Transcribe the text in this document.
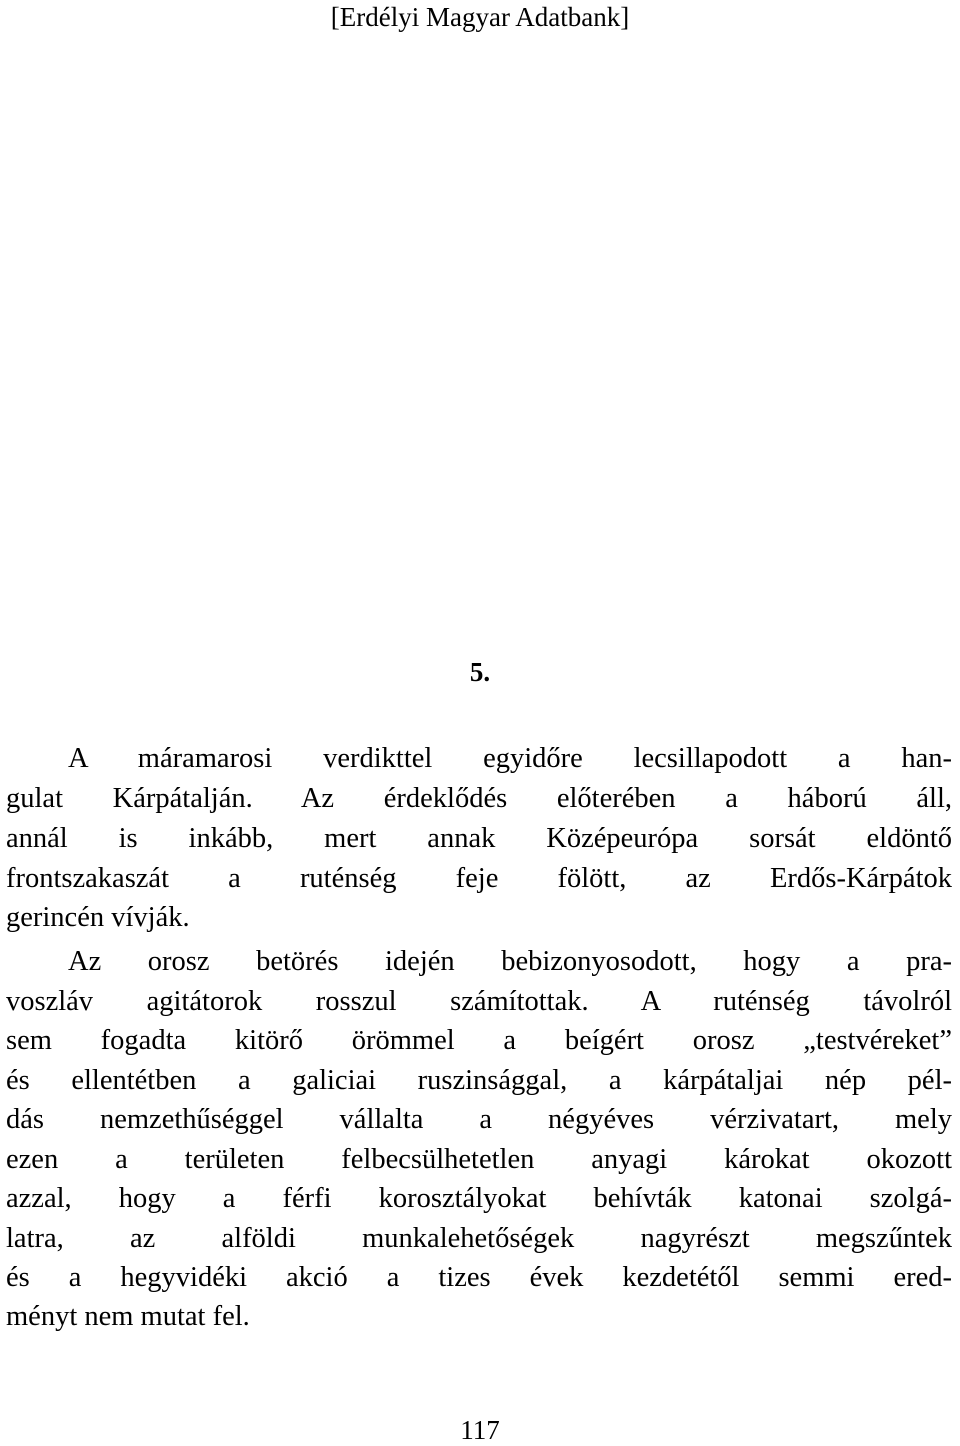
[Erdélyi Magyar Adatbank]
5.
A máramarosi verdikttel egyidőre lecsillapodott a han-
gulat Kárpátalján. Az érdeklődés előterében a háború áll,
annál is inkább, mert annak Középeurópa sorsát eldöntő
frontszakaszát a ruténség feje fölött, az Erdős-Kárpátok
gerincén vívják.
Az orosz betörés idején bebizonyosodott, hogy a pra-
voszláv agitátorok rosszul számítottak. A ruténség távolról
sem fogadta kitörő örömmel a beígért orosz „testvéreket”
és ellentétben a galiciai ruszinsággal, a kárpátaljai nép pél-
dás nemzethűséggel vállalta a négyéves vérzivatart, mely
ezen a területen felbecsülhetetlen anyagi károkat okozott
azzal, hogy a férfi korosztályokat behívták katonai szolgá-
latra, az alföldi munkalehetőségek nagyrészt megszűntek
és a hegyvidéki akció a tizes évek kezdetétől semmi ered-
ményt nem mutat fel.
117
